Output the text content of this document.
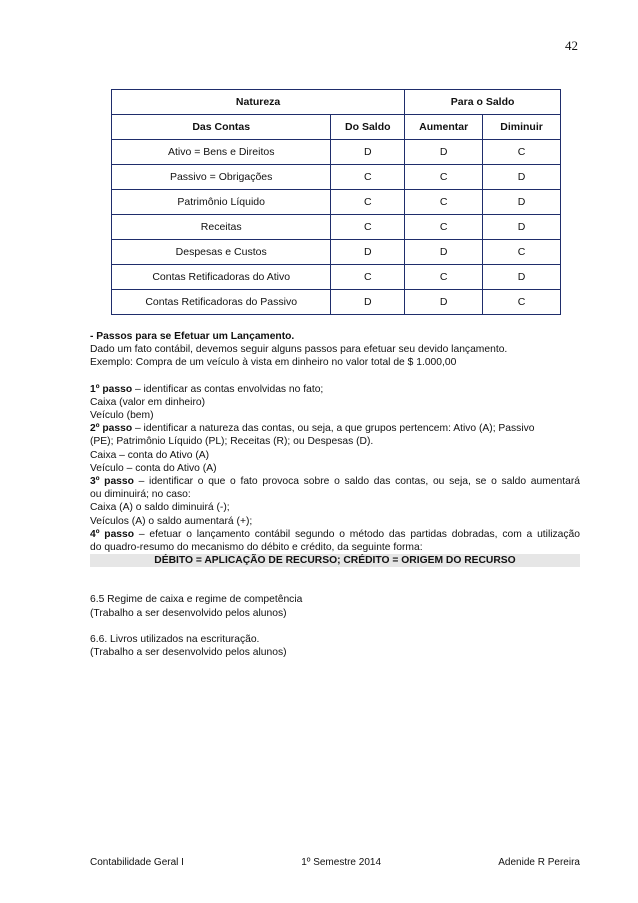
42
Natureza		Para o Saldo	
Das Contas	Do Saldo	Aumentar	Diminuir
Ativo = Bens e Direitos	D	D	C
Passivo = Obrigações	C	C	D
Patrimônio Líquido	C	C	D
Receitas	C	C	D
Despesas e Custos	D	D	C
Contas Retificadoras do Ativo	C	C	D
Contas Retificadoras do Passivo	D	D	C

- Passos para se Efetuar um Lançamento.

Dado um fato contábil, devemos seguir alguns passos para efetuar seu devido lançamento.

Exemplo: Compra de um veículo à vista em dinheiro no valor total de $ 1.000,00

1º passo – identificar as contas envolvidas no fato;

Caixa (valor em dinheiro)

Veículo (bem)

2º passo – identificar a natureza das contas, ou seja, a que grupos pertencem: Ativo (A); Passivo

(PE); Patrimônio Líquido (PL); Receitas (R); ou Despesas (D).

Caixa – conta do Ativo (A)

Veículo – conta do Ativo (A)

3º passo – identificar o que o fato provoca sobre o saldo das contas, ou seja, se o saldo aumentará

ou diminuirá; no caso:

Caixa (A) o saldo diminuirá (-);

Veículos (A) o saldo aumentará (+);

4º passo – efetuar o lançamento contábil segundo o método das partidas dobradas, com a utilização

do quadro-resumo do mecanismo do débito e crédito, da seguinte forma:

DÉBITO = APLICAÇÃO DE RECURSO; CRÉDITO = ORIGEM DO RECURSO

6.5 Regime de caixa e regime de competência

(Trabalho a ser desenvolvido pelos alunos)

6.6. Livros utilizados na escrituração.

(Trabalho a ser desenvolvido pelos alunos)

Contabilidade Geral I	1º Semestre 2014	Adenide R Pereira
